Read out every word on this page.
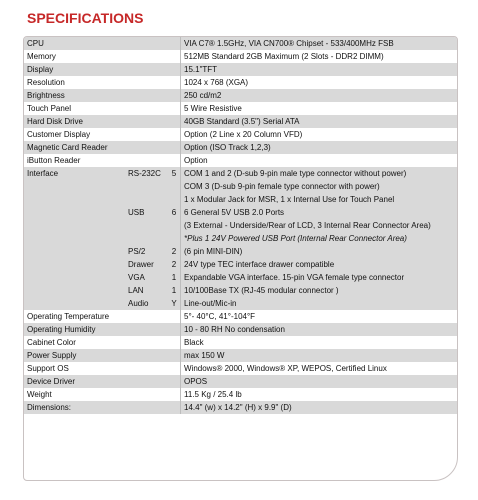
SPECIFICATIONS
CPU			VIA C7® 1.5GHz, VIA CN700® Chipset - 533/400MHz FSB
Memory			512MB Standard 2GB Maximum (2 Slots - DDR2 DIMM)
Display			15.1"TFT
Resolution			1024 x 768 (XGA)
Brightness			250 cd/m2
Touch Panel			5 Wire Resistive
Hard Disk Drive			40GB Standard (3.5") Serial ATA
Customer Display			Option (2 Line x 20 Column VFD)
Magnetic Card Reader			Option (ISO Track 1,2,3)
iButton Reader			Option
Interface	RS-232C	5	COM 1 and 2 (D-sub 9-pin male type connector without power)
			COM 3 (D-sub 9-pin female type connector with power)
			1 x Modular Jack for MSR, 1 x Internal Use for Touch Panel
	USB	6	6 General 5V USB 2.0 Ports
			(3 External - Underside/Rear of LCD, 3 Internal Rear Connector Area)
			*Plus 1 24V Powered USB Port (Internal Rear Connector Area)
	PS/2	2	(6 pin MINI-DIN)
	Drawer	2	24V type TEC interface drawer compatible
	VGA	1	Expandable VGA interface. 15-pin VGA female type connector
	LAN	1	10/100Base TX (RJ-45 modular connector )
	Audio	Y	Line-out/Mic-in
Operating Temperature			5°- 40°C, 41°-104°F
Operating Humidity			10 - 80 RH No condensation
Cabinet Color			Black
Power Supply			max 150 W
Support OS			Windows® 2000, Windows® XP, WEPOS, Certified Linux
Device Driver			OPOS
Weight			11.5 Kg / 25.4 lb
Dimensions:			14.4" (w) x 14.2" (H) x 9.9" (D)
